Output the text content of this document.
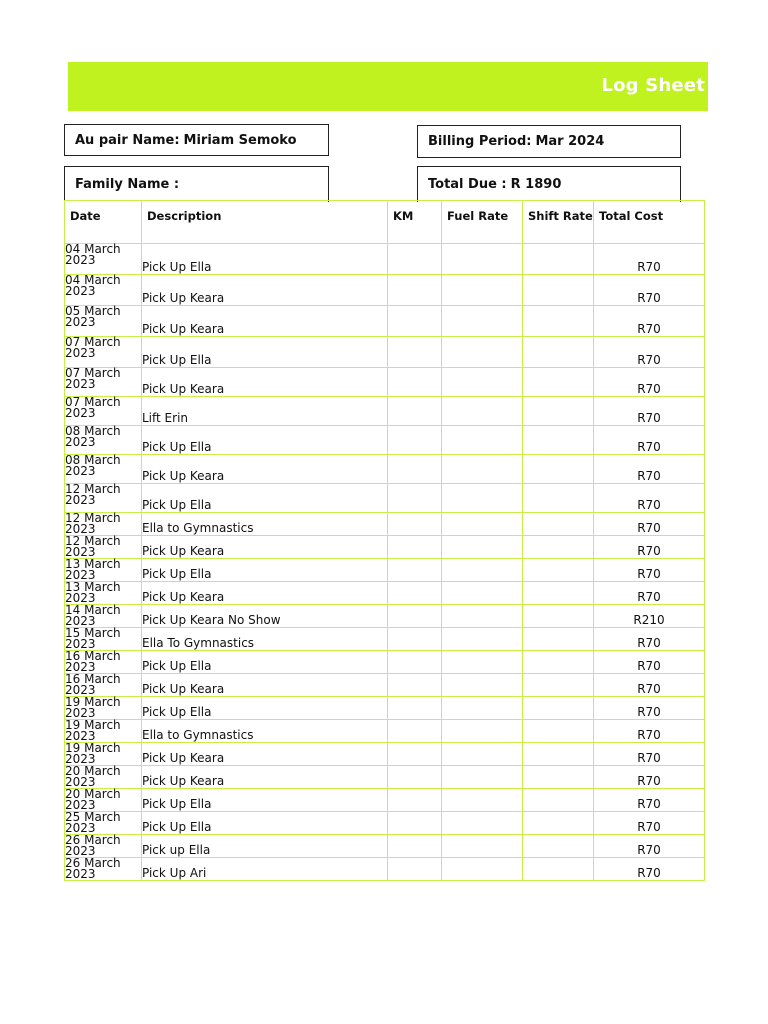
Log Sheet
Au pair Name: Miriam Semoko	Billing Period: Mar 2024
Family Name :	Total Due : R 1890
Date	Description	KM	Fuel Rate	Shift Rate	Total Cost
04 March 2023	Pick Up Ella				R70
04 March 2023	Pick Up Keara				R70
05 March 2023	Pick Up Keara				R70
07 March 2023	Pick Up Ella				R70
07 March 2023	Pick Up Keara				R70
07 March 2023	Lift Erin				R70
08 March 2023	Pick Up Ella				R70
08 March 2023	Pick Up Keara				R70
12 March 2023	Pick Up Ella				R70
12 March 2023	Ella to Gymnastics				R70
12 March 2023	Pick Up Keara				R70
13 March 2023	Pick Up Ella				R70
13 March 2023	Pick Up Keara				R70
14 March 2023	Pick Up Keara No Show				R210
15 March 2023	Ella To Gymnastics				R70
16 March 2023	Pick Up Ella				R70
16 March 2023	Pick Up Keara				R70
19 March 2023	Pick Up Ella				R70
19 March 2023	Ella to Gymnastics				R70
19 March 2023	Pick Up Keara				R70
20 March 2023	Pick Up Keara				R70
20 March 2023	Pick Up Ella				R70
25 March 2023	Pick Up Ella				R70
26 March 2023	Pick up Ella				R70
26 March 2023	Pick Up Ari				R70
